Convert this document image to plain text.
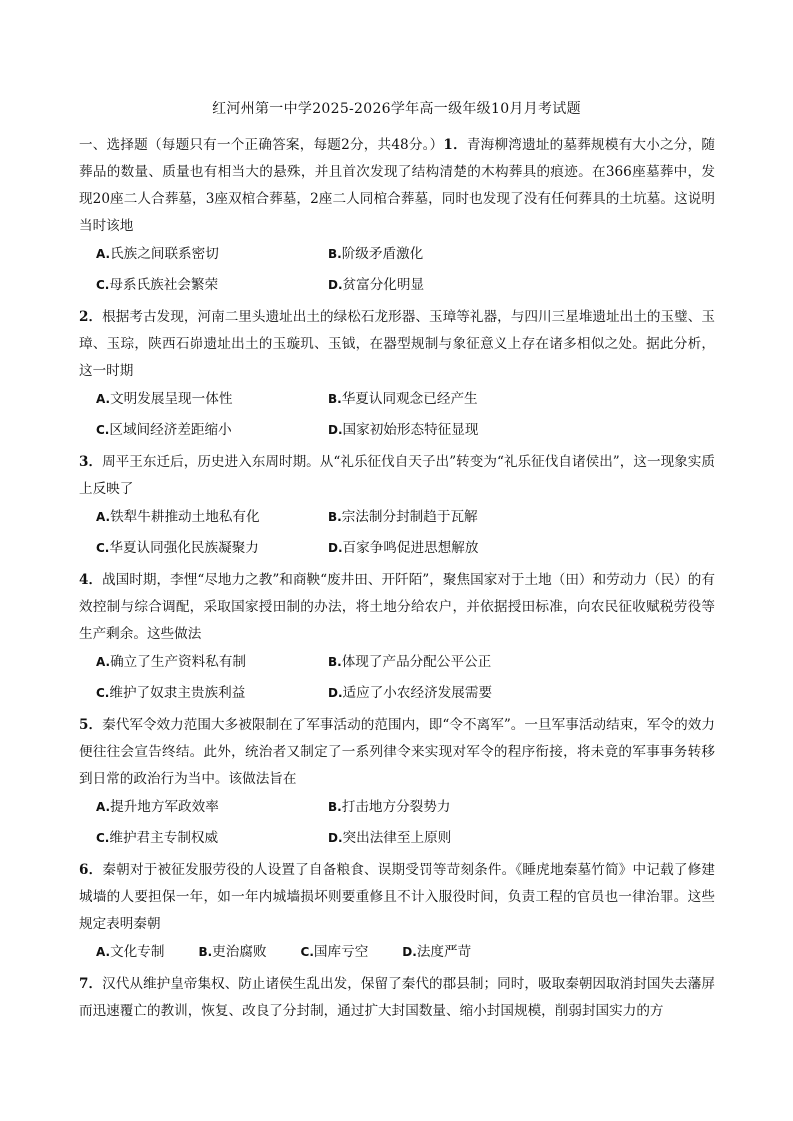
红河州第一中学2025-2026学年高一级年级10月月考试题

一、选择题（每题只有一个正确答案，每题2分，共48分。）1．青海柳湾遗址的墓葬规模有大小之分，随葬品的数量、质量也有相当大的悬殊，并且首次发现了结构清楚的木构葬具的痕迹。在366座墓葬中，发现20座二人合葬墓，3座双棺合葬墓，2座二人同棺合葬墓，同时也发现了没有任何葬具的土坑墓。这说明当时该地

A.氏族之间联系密切	B.阶级矛盾激化
C.母系氏族社会繁荣	D.贫富分化明显

2．根据考古发现，河南二里头遗址出土的绿松石龙形器、玉璋等礼器，与四川三星堆遗址出土的玉璧、玉璋、玉琮，陕西石峁遗址出土的玉璇玑、玉钺，在器型规制与象征意义上存在诸多相似之处。据此分析，这一时期

A.文明发展呈现一体性	B.华夏认同观念已经产生
C.区域间经济差距缩小	D.国家初始形态特征显现

3．周平王东迁后，历史进入东周时期。从“礼乐征伐自天子出”转变为“礼乐征伐自诸侯出”，这一现象实质上反映了

A.铁犁牛耕推动土地私有化	B.宗法制分封制趋于瓦解
C.华夏认同强化民族凝聚力	D.百家争鸣促进思想解放

4．战国时期，李悝“尽地力之教”和商鞅“废井田、开阡陌”，聚焦国家对于土地（田）和劳动力（民）的有效控制与综合调配，采取国家授田制的办法，将土地分给农户，并依据授田标准，向农民征收赋税劳役等生产剩余。这些做法

A.确立了生产资料私有制	B.体现了产品分配公平公正
C.维护了奴隶主贵族利益	D.适应了小农经济发展需要

5．秦代军令效力范围大多被限制在了军事活动的范围内，即“令不离军”。一旦军事活动结束，军令的效力便往往会宣告终结。此外，统治者又制定了一系列律令来实现对军令的程序衔接，将未竟的军事事务转移到日常的政治行为当中。该做法旨在

A.提升地方军政效率	B.打击地方分裂势力
C.维护君主专制权威	D.突出法律至上原则

6．秦朝对于被征发服劳役的人设置了自备粮食、误期受罚等苛刻条件。《睡虎地秦墓竹简》中记载了修建城墙的人要担保一年，如一年内城墙损坏则要重修且不计入服役时间，负责工程的官员也一律治罪。这些规定表明秦朝

A.文化专制	B.吏治腐败	C.国库亏空	D.法度严苛

7．汉代从维护皇帝集权、防止诸侯生乱出发，保留了秦代的郡县制；同时，吸取秦朝因取消封国失去藩屏而迅速覆亡的教训，恢复、改良了分封制，通过扩大封国数量、缩小封国规模，削弱封国实力的方
